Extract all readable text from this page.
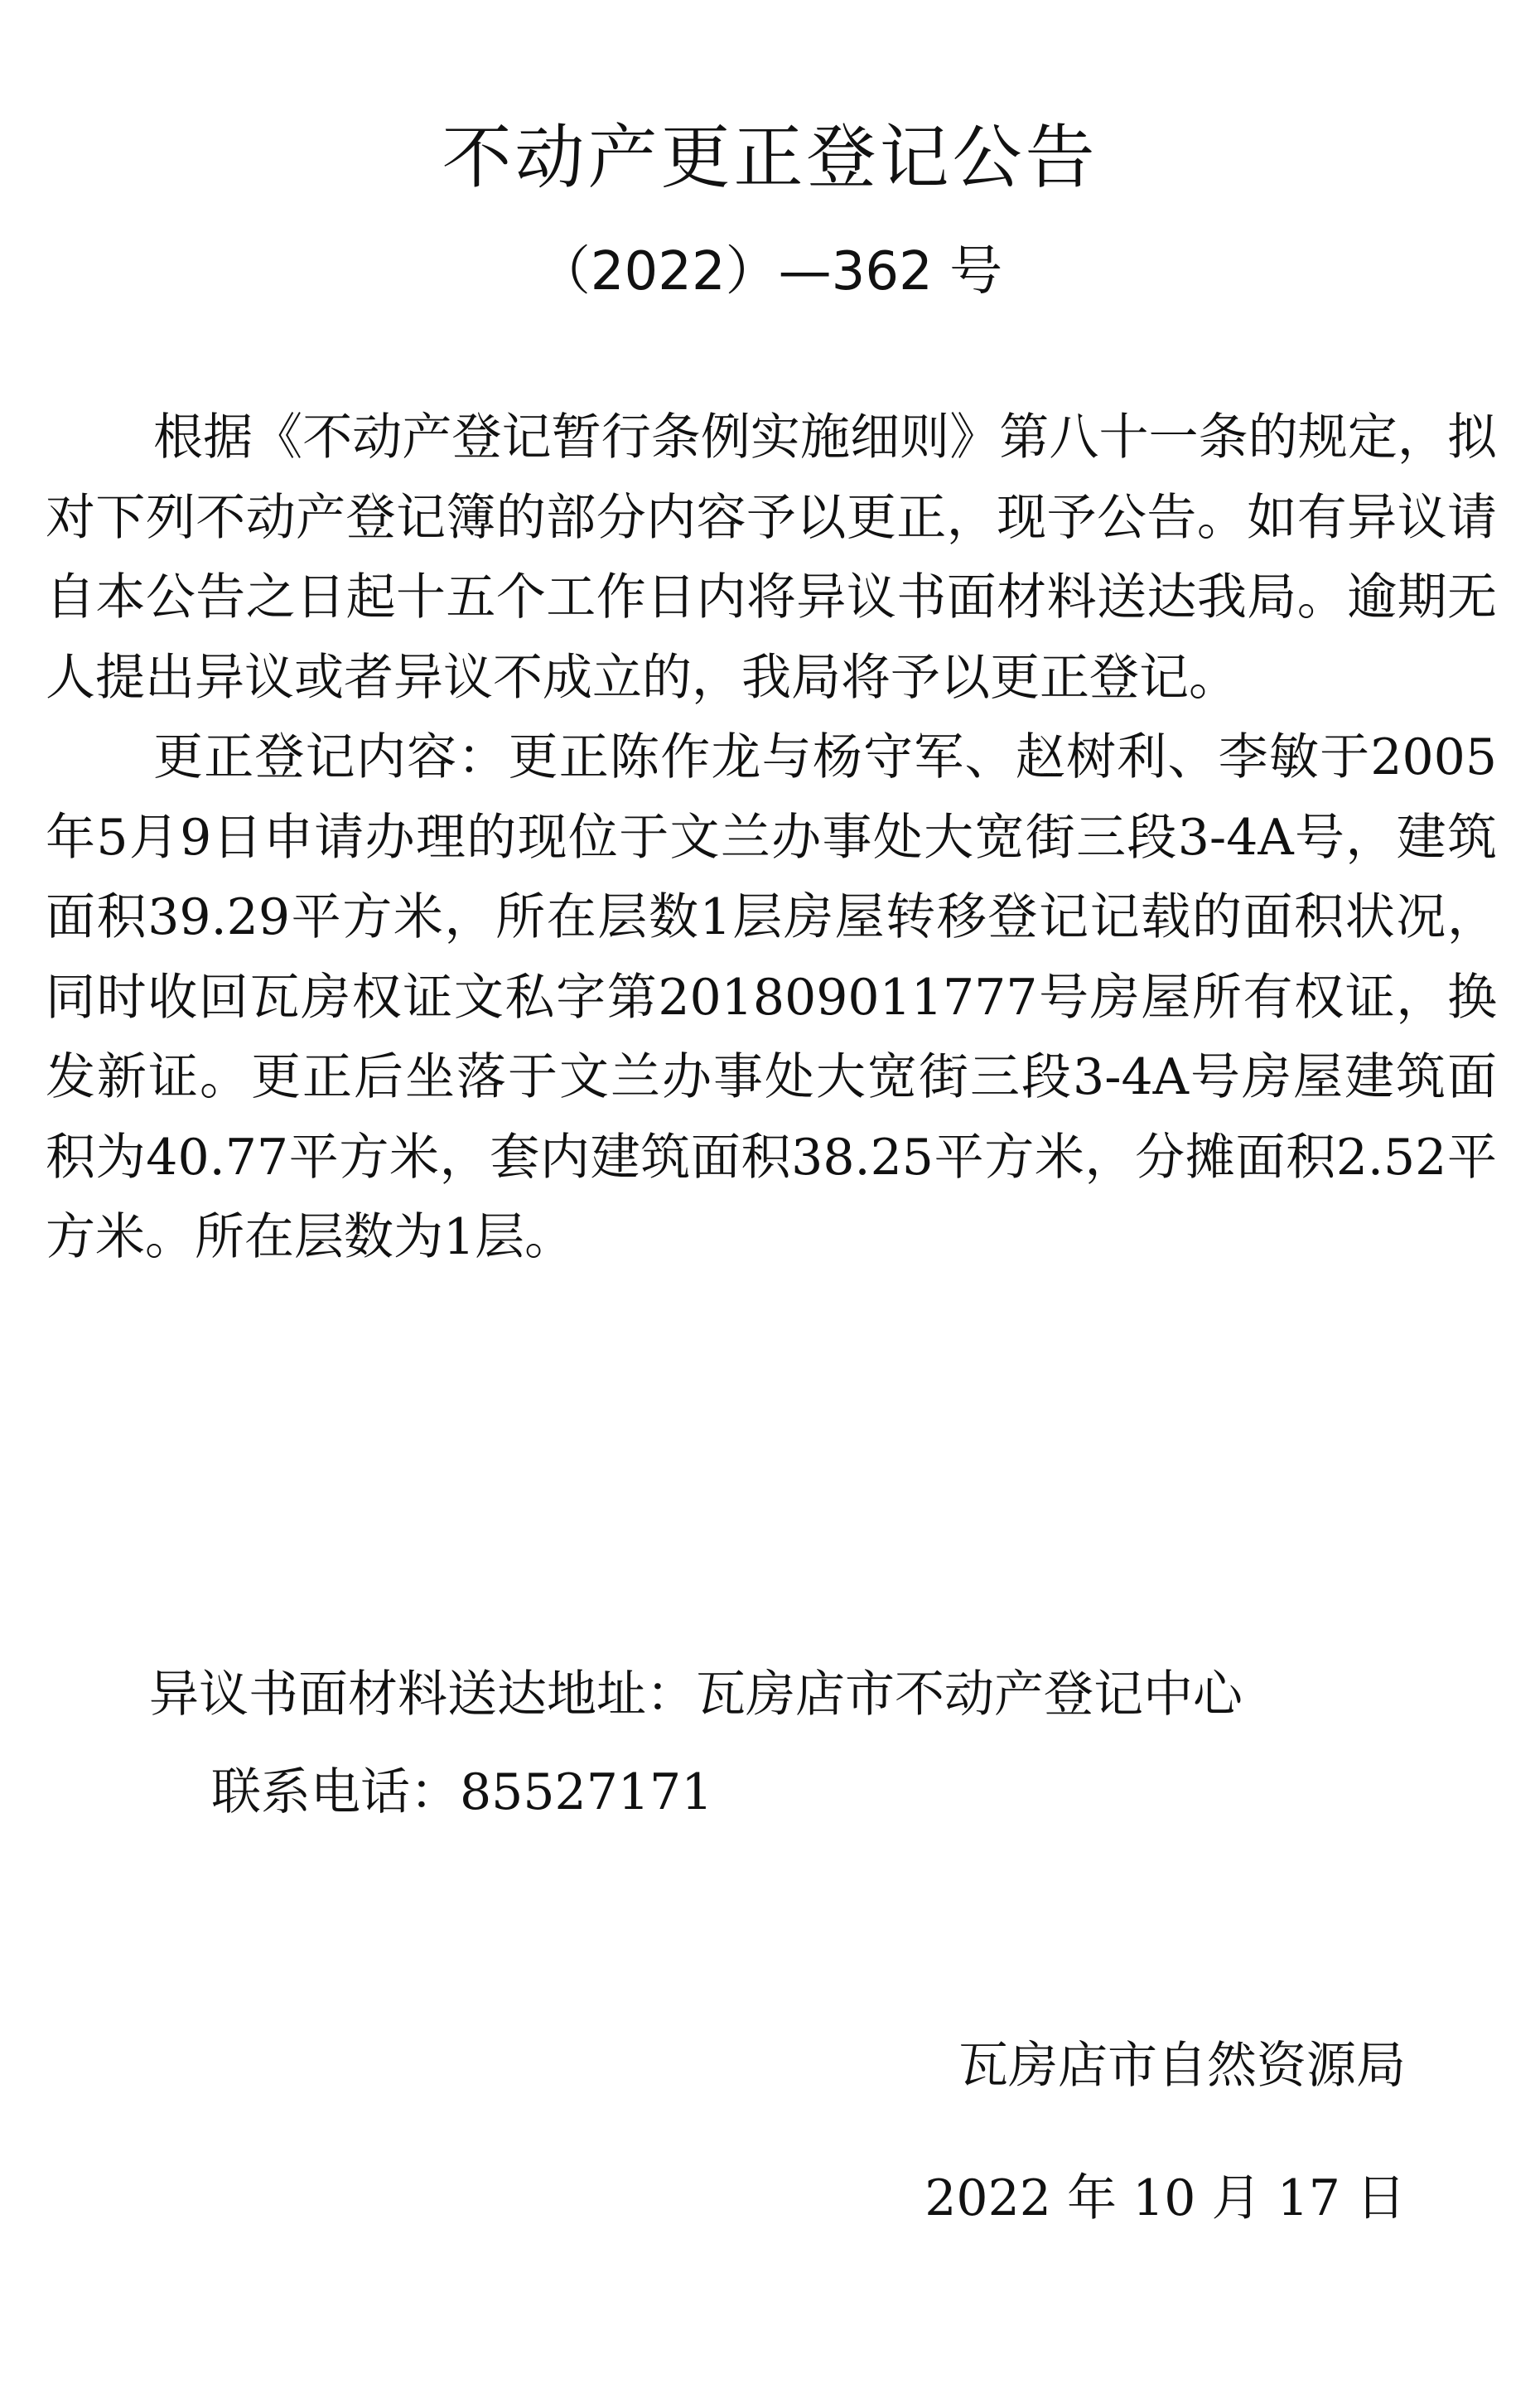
不动产更正登记公告
（2022）—362 号

根据《不动产登记暂行条例实施细则》第八十一条的规定，拟对下列不动产登记簿的部分内容予以更正，现予公告。如有异议请自本公告之日起十五个工作日内将异议书面材料送达我局。逾期无人提出异议或者异议不成立的，我局将予以更正登记。

更正登记内容：更正陈作龙与杨守军、赵树利、李敏于2005年5月9日申请办理的现位于文兰办事处大宽街三段3-4A号，建筑面积39.29平方米，所在层数1层房屋转移登记记载的面积状况，同时收回瓦房权证文私字第201809011777号房屋所有权证，换发新证。更正后坐落于文兰办事处大宽街三段3-4A号房屋建筑面积为40.77平方米，套内建筑面积38.25平方米，分摊面积2.52平方米。所在层数为1层。

异议书面材料送达地址：瓦房店市不动产登记中心
联系电话：85527171
瓦房店市自然资源局
2022 年 10 月 17 日
